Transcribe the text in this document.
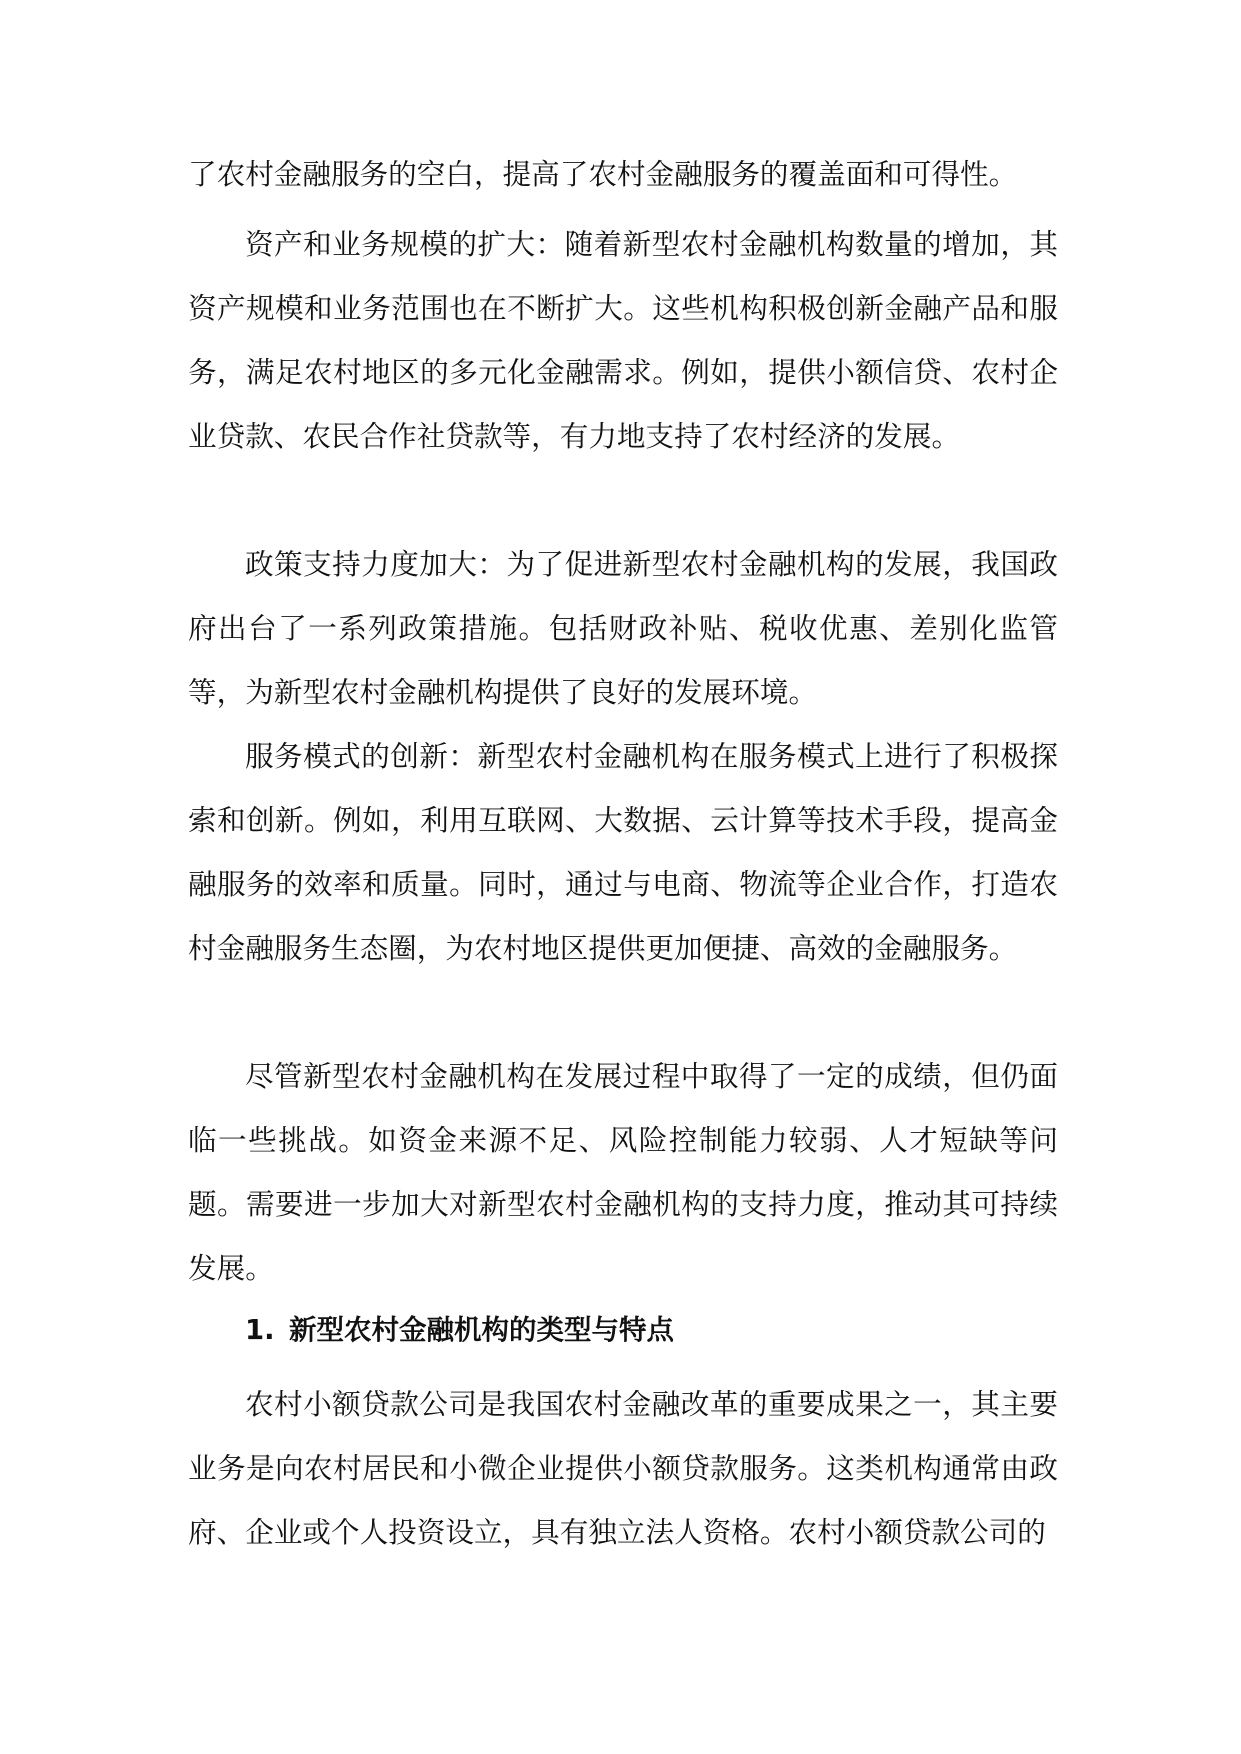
了农村金融服务的空白，提高了农村金融服务的覆盖面和可得性。

资产和业务规模的扩大：随着新型农村金融机构数量的增加，其资产规模和业务范围也在不断扩大。这些机构积极创新金融产品和服务，满足农村地区的多元化金融需求。例如，提供小额信贷、农村企业贷款、农民合作社贷款等，有力地支持了农村经济的发展。

政策支持力度加大：为了促进新型农村金融机构的发展，我国政府出台了一系列政策措施。包括财政补贴、税收优惠、差别化监管等，为新型农村金融机构提供了良好的发展环境。

服务模式的创新：新型农村金融机构在服务模式上进行了积极探索和创新。例如，利用互联网、大数据、云计算等技术手段，提高金融服务的效率和质量。同时，通过与电商、物流等企业合作，打造农村金融服务生态圈，为农村地区提供更加便捷、高效的金融服务。

尽管新型农村金融机构在发展过程中取得了一定的成绩，但仍面临一些挑战。如资金来源不足、风险控制能力较弱、人才短缺等问题。需要进一步加大对新型农村金融机构的支持力度，推动其可持续发展。

1. 新型农村金融机构的类型与特点

农村小额贷款公司是我国农村金融改革的重要成果之一，其主要业务是向农村居民和小微企业提供小额贷款服务。这类机构通常由政府、企业或个人投资设立，具有独立法人资格。农村小额贷款公司的
